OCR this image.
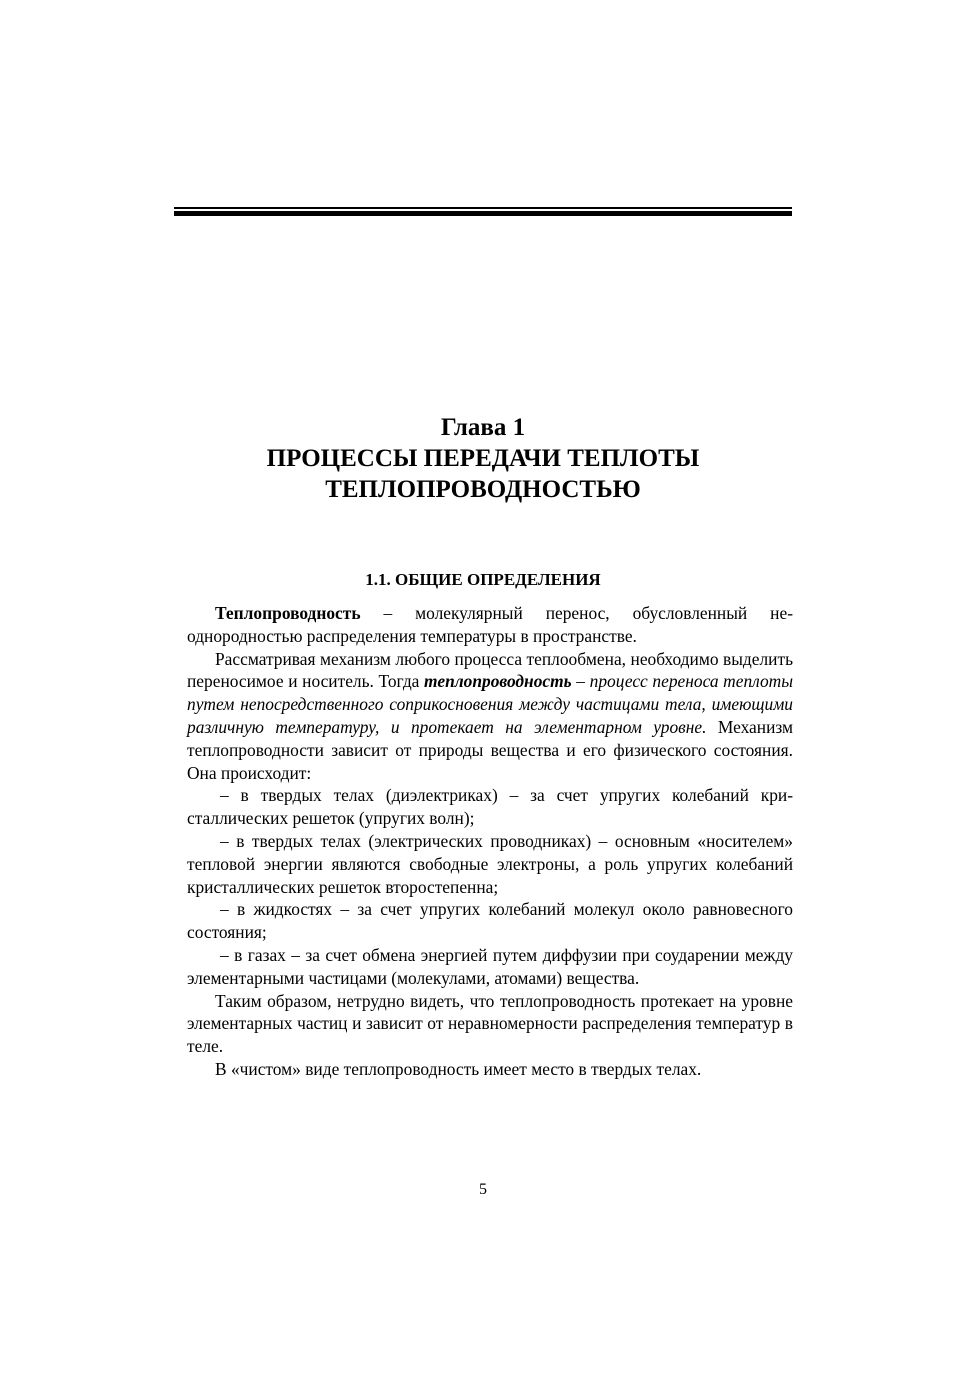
Глава 1
ПРОЦЕССЫ ПЕРЕДАЧИ ТЕПЛОТЫ
ТЕПЛОПРОВОДНОСТЬЮ
1.1. ОБЩИЕ ОПРЕДЕЛЕНИЯ

Теплопроводность – молекулярный перенос, обусловленный неоднородностью распределения температуры в пространстве.

Рассматривая механизм любого процесса теплообмена, необходимо выделить переносимое и носитель. Тогда теплопроводность – процесс переноса теплоты путем непосредственного соприкосновения между частицами тела, имеющими различную температуру, и протекает на элементарном уровне. Механизм теплопроводности зависит от природы вещества и его физического состояния. Она происходит:

– в твердых телах (диэлектриках) – за счет упругих колебаний кристаллических решеток (упругих волн);

– в твердых телах (электрических проводниках) – основным «носителем» тепловой энергии являются свободные электроны, а роль упругих колебаний кристаллических решеток второстепенна;

– в жидкостях – за счет упругих колебаний молекул около равновесного состояния;

– в газах – за счет обмена энергией путем диффузии при соударении между элементарными частицами (молекулами, атомами) вещества.

Таким образом, нетрудно видеть, что теплопроводность протекает на уровне элементарных частиц и зависит от неравномерности распределения температур в теле.

В «чистом» виде теплопроводность имеет место в твердых телах.

5
